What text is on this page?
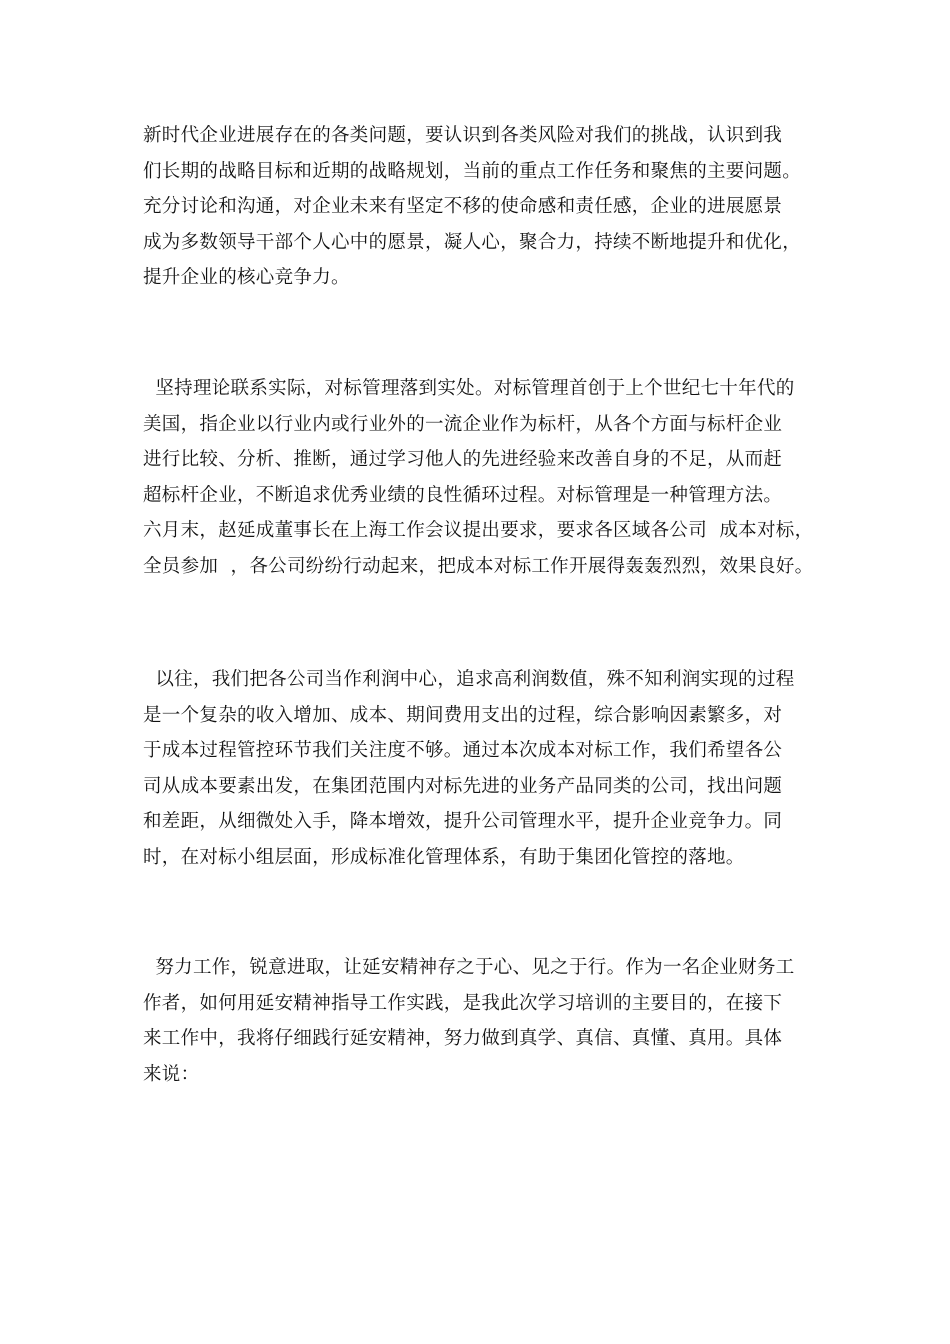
新时代企业进展存在的各类问题，要认识到各类风险对我们的挑战，认识到我
们长期的战略目标和近期的战略规划，当前的重点工作任务和聚焦的主要问题。
充分讨论和沟通，对企业未来有坚定不移的使命感和责任感，企业的进展愿景
成为多数领导干部个人心中的愿景，凝人心，聚合力，持续不断地提升和优化，
提升企业的核心竞争力。
坚持理论联系实际，对标管理落到实处。对标管理首创于上个世纪七十年代的
美国，指企业以行业内或行业外的一流企业作为标杆，从各个方面与标杆企业
进行比较、分析、推断，通过学习他人的先进经验来改善自身的不足，从而赶
超标杆企业，不断追求优秀业绩的良性循环过程。对标管理是一种管理方法。
六月末，赵延成董事长在上海工作会议提出要求，要求各区域各公司  成本对标，
全员参加  ，各公司纷纷行动起来，把成本对标工作开展得轰轰烈烈，效果良好。
以往，我们把各公司当作利润中心，追求高利润数值，殊不知利润实现的过程
是一个复杂的收入增加、成本、期间费用支出的过程，综合影响因素繁多，对
于成本过程管控环节我们关注度不够。通过本次成本对标工作，我们希望各公
司从成本要素出发，在集团范围内对标先进的业务产品同类的公司，找出问题
和差距，从细微处入手，降本增效，提升公司管理水平，提升企业竞争力。同
时，在对标小组层面，形成标准化管理体系，有助于集团化管控的落地。
努力工作，锐意进取，让延安精神存之于心、见之于行。作为一名企业财务工
作者，如何用延安精神指导工作实践，是我此次学习培训的主要目的，在接下
来工作中，我将仔细践行延安精神，努力做到真学、真信、真懂、真用。具体
来说：
